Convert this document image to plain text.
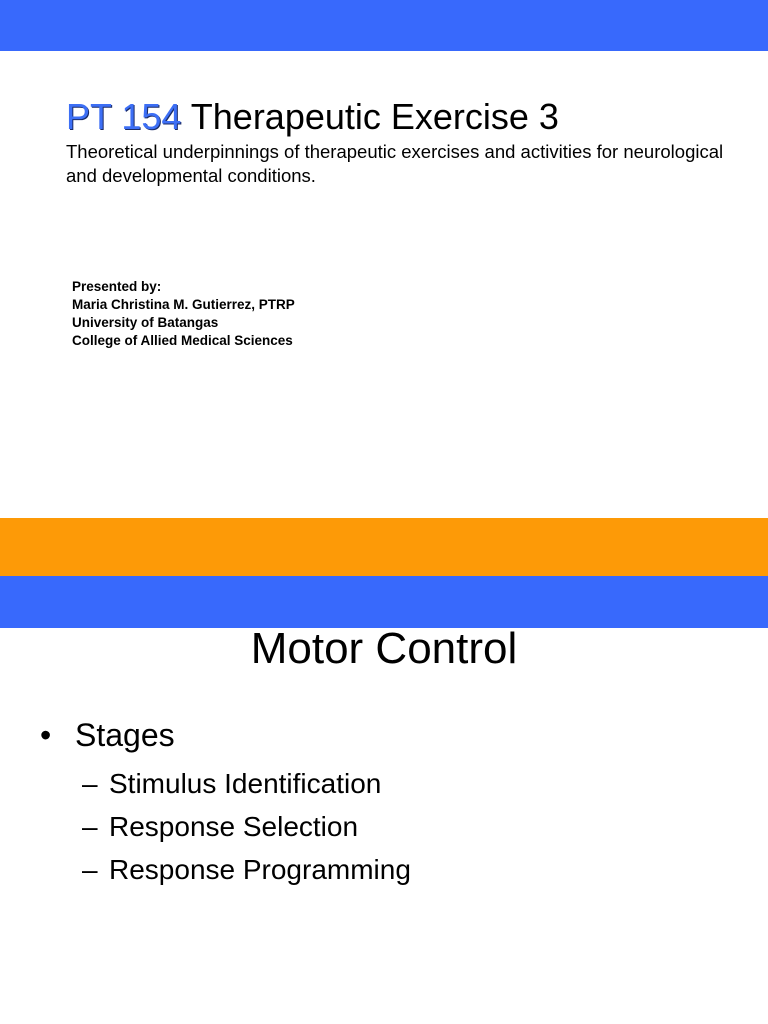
PT 154 Therapeutic Exercise 3
Theoretical underpinnings of therapeutic exercises and activities for neurological and developmental conditions.
Presented by:
Maria Christina M. Gutierrez, PTRP
University of Batangas
College of Allied Medical Sciences
Motor Control
• Stages
– Stimulus Identification
– Response Selection
– Response Programming
